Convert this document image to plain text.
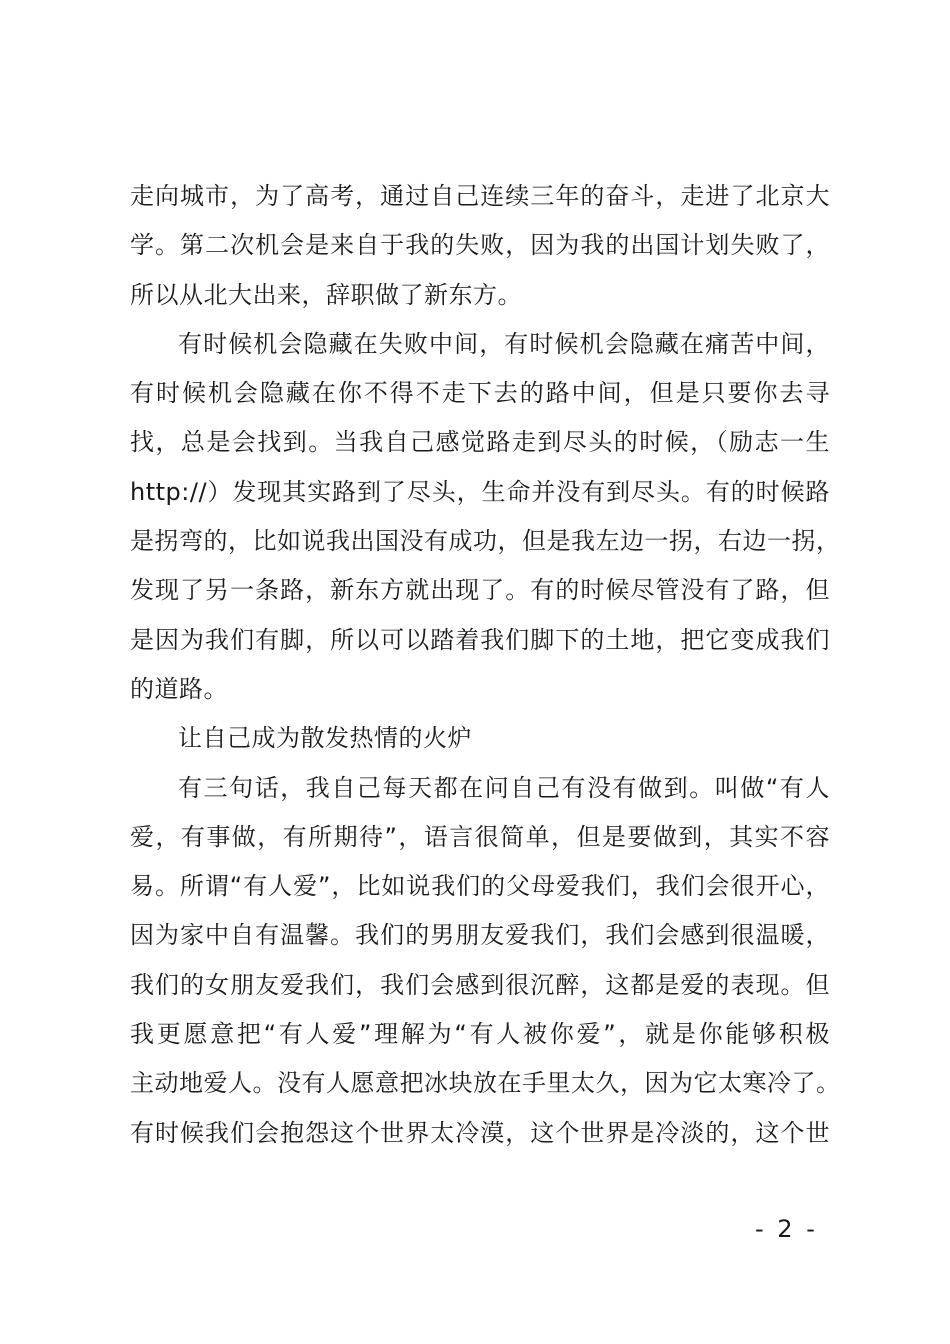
走向城市，为了高考，通过自己连续三年的奋斗，走进了北京大
学。第二次机会是来自于我的失败，因为我的出国计划失败了，
所以从北大出来，辞职做了新东方。
有时候机会隐藏在失败中间，有时候机会隐藏在痛苦中间，
有时候机会隐藏在你不得不走下去的路中间，但是只要你去寻
找，总是会找到。当我自己感觉路走到尽头的时候，（励志一生
http://）发现其实路到了尽头，生命并没有到尽头。有的时候路
是拐弯的，比如说我出国没有成功，但是我左边一拐，右边一拐，
发现了另一条路，新东方就出现了。有的时候尽管没有了路，但
是因为我们有脚，所以可以踏着我们脚下的土地，把它变成我们
的道路。
让自己成为散发热情的火炉
有三句话，我自己每天都在问自己有没有做到。叫做“有人
爱，有事做，有所期待”，语言很简单，但是要做到，其实不容
易。所谓“有人爱”，比如说我们的父母爱我们，我们会很开心，
因为家中自有温馨。我们的男朋友爱我们，我们会感到很温暖，
我们的女朋友爱我们，我们会感到很沉醉，这都是爱的表现。但
我更愿意把“有人爱”理解为“有人被你爱”，就是你能够积极
主动地爱人。没有人愿意把冰块放在手里太久，因为它太寒冷了。
有时候我们会抱怨这个世界太冷漠，这个世界是冷淡的，这个世
- 2 -
